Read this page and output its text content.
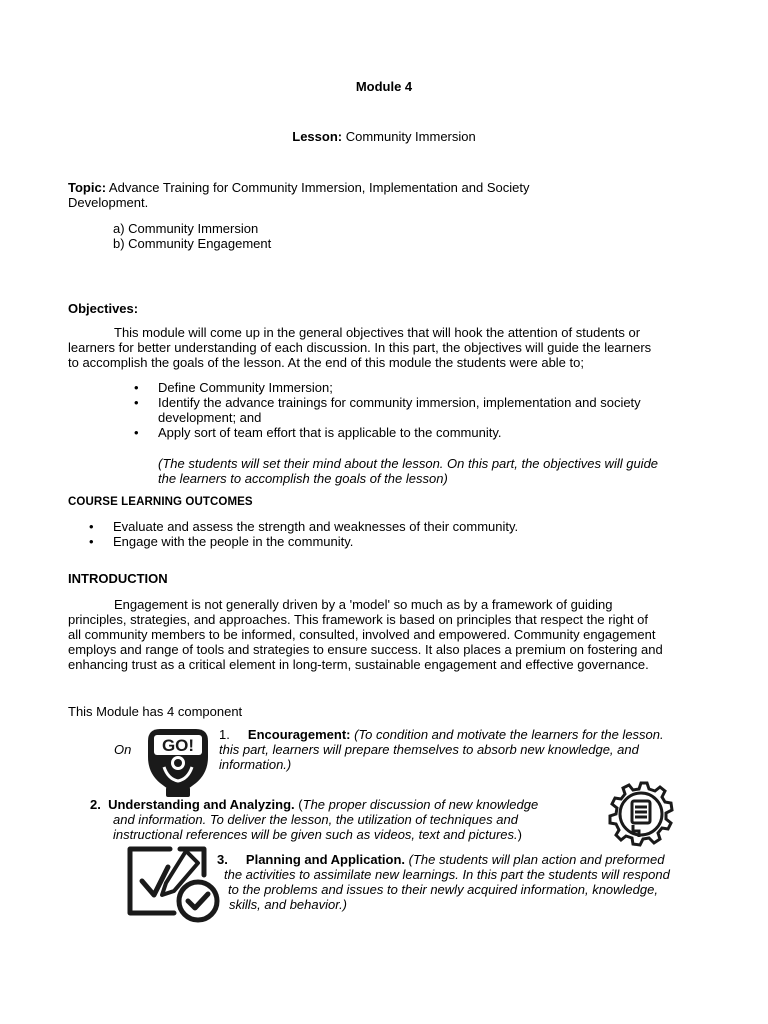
Module 4
Lesson: Community Immersion
Topic: Advance Training for Community Immersion, Implementation and Society
Development.
a) Community Immersion
b) Community Engagement
Objectives:
This module will come up in the general objectives that will hook the attention of students or
learners for better understanding of each discussion. In this part, the objectives will guide the learners
to accomplish the goals of the lesson. At the end of this module the students were able to;
• Define Community Immersion;
• Identify the advance trainings for community immersion, implementation and society
development; and
• Apply sort of team effort that is applicable to the community.
(The students will set their mind about the lesson. On this part, the objectives will guide
the learners to accomplish the goals of the lesson)
COURSE LEARNING OUTCOMES
• Evaluate and assess the strength and weaknesses of their community.
• Engage with the people in the community.
INTRODUCTION
Engagement is not generally driven by a 'model' so much as by a framework of guiding
principles, strategies, and approaches. This framework is based on principles that respect the right of
all community members to be informed, consulted, involved and empowered. Community engagement
employs and range of tools and strategies to ensure success. It also places a premium on fostering and
enhancing trust as a critical element in long-term, sustainable engagement and effective governance.
This Module has 4 component
GO!
1. Encouragement: (To condition and motivate the learners for the lesson.
this part, learners will prepare themselves to absorb new knowledge, and
information.)
On
2. Understanding and Analyzing. (The proper discussion of new knowledge
and information. To deliver the lesson, the utilization of techniques and
instructional references will be given such as videos, text and pictures.)
3. Planning and Application. (The students will plan action and preformed
the activities to assimilate new learnings. In this part the students will respond
to the problems and issues to their newly acquired information, knowledge,
skills, and behavior.)
